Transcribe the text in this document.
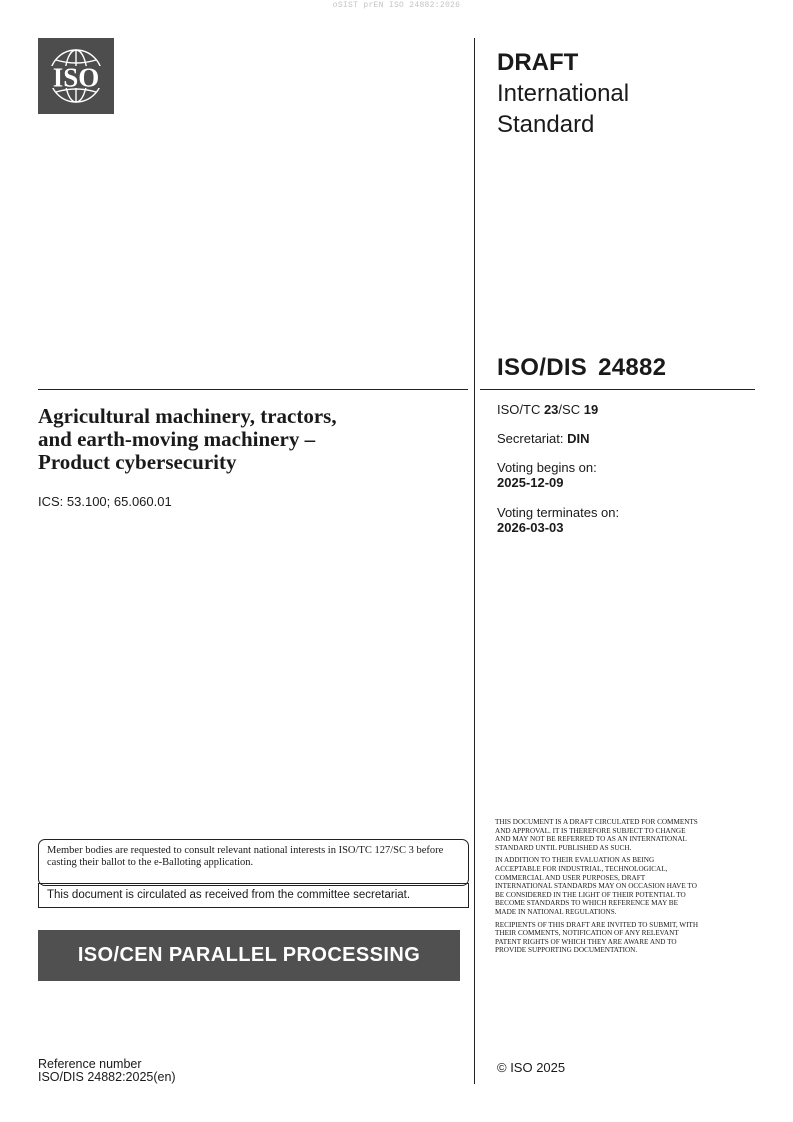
oSIST prEN ISO 24882:2026
ISO	DRAFT
International
Standard
ISO/DIS 24882
ISO/TC 23/SC 19
Secretariat: DIN
Voting begins on:
2025-12-09
Voting terminates on:
2026-03-03
Agricultural machinery, tractors,
and earth-moving machinery –
Product cybersecurity
ICS: 53.100; 65.060.01
Member bodies are requested to consult relevant national interests in ISO/TC 127/SC 3 before casting their ballot to the e-Balloting application.
This document is circulated as received from the committee secretariat.
ISO/CEN PARALLEL PROCESSING
Reference number
ISO/DIS 24882:2025(en)

THIS DOCUMENT IS A DRAFT CIRCULATED FOR COMMENTS AND APPROVAL. IT IS THEREFORE SUBJECT TO CHANGE AND MAY NOT BE REFERRED TO AS AN INTERNATIONAL STANDARD UNTIL PUBLISHED AS SUCH.

IN ADDITION TO THEIR EVALUATION AS BEING ACCEPTABLE FOR INDUSTRIAL, TECHNOLOGICAL, COMMERCIAL AND USER PURPOSES, DRAFT INTERNATIONAL STANDARDS MAY ON OCCASION HAVE TO BE CONSIDERED IN THE LIGHT OF THEIR POTENTIAL TO BECOME STANDARDS TO WHICH REFERENCE MAY BE MADE IN NATIONAL REGULATIONS.

RECIPIENTS OF THIS DRAFT ARE INVITED TO SUBMIT, WITH THEIR COMMENTS, NOTIFICATION OF ANY RELEVANT PATENT RIGHTS OF WHICH THEY ARE AWARE AND TO PROVIDE SUPPORTING DOCUMENTATION.

© ISO 2025
